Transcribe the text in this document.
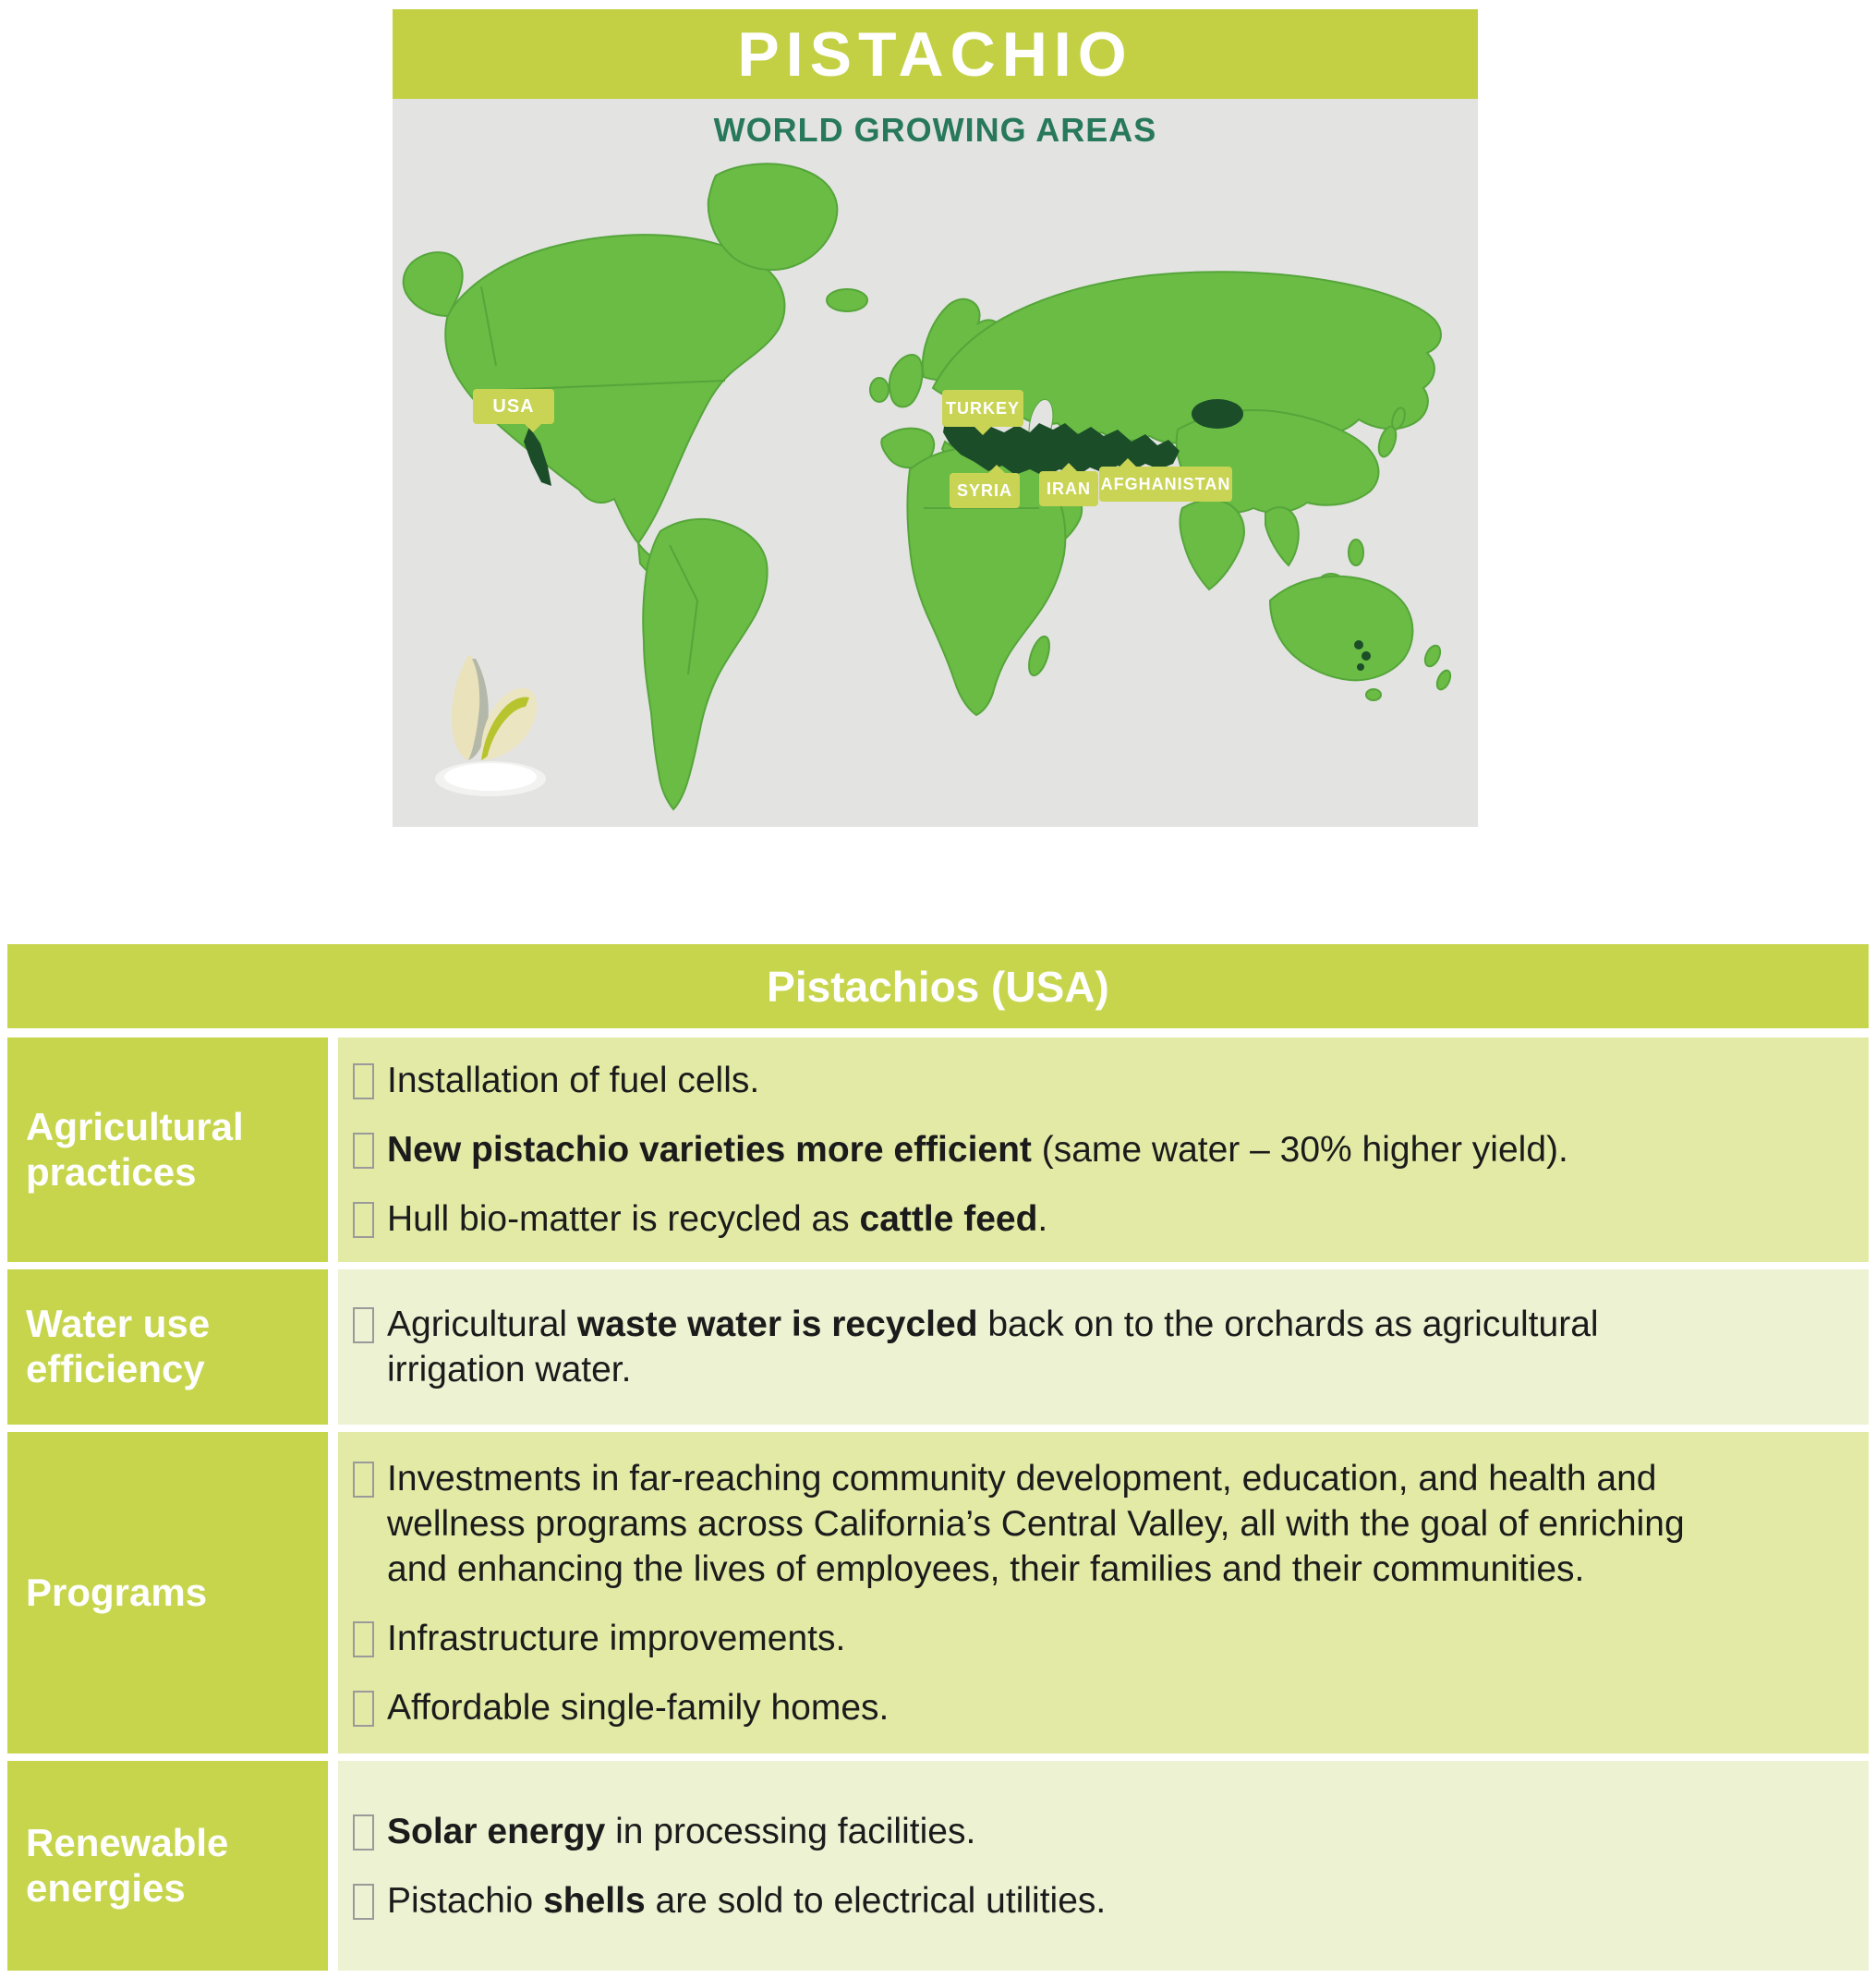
PISTACHIO
WORLD GROWING AREAS
USA	TURKEY
SYRIA	IRAN AFGHANISTAN
Pistachios (USA)
Agricultural practices
Installation of fuel cells.
New pistachio varieties more efficient (same water – 30% higher yield).
Hull bio-matter is recycled as cattle feed.
Water use efficiency
Agricultural waste water is recycled back on to the orchards as agricultural irrigation water.
Programs
Investments in far-reaching community development, education, and health and wellness programs across California’s Central Valley, all with the goal of enriching and enhancing the lives of employees, their families and their communities.
Infrastructure improvements.
Affordable single-family homes.
Renewable energies
Solar energy in processing facilities.
Pistachio shells are sold to electrical utilities.
